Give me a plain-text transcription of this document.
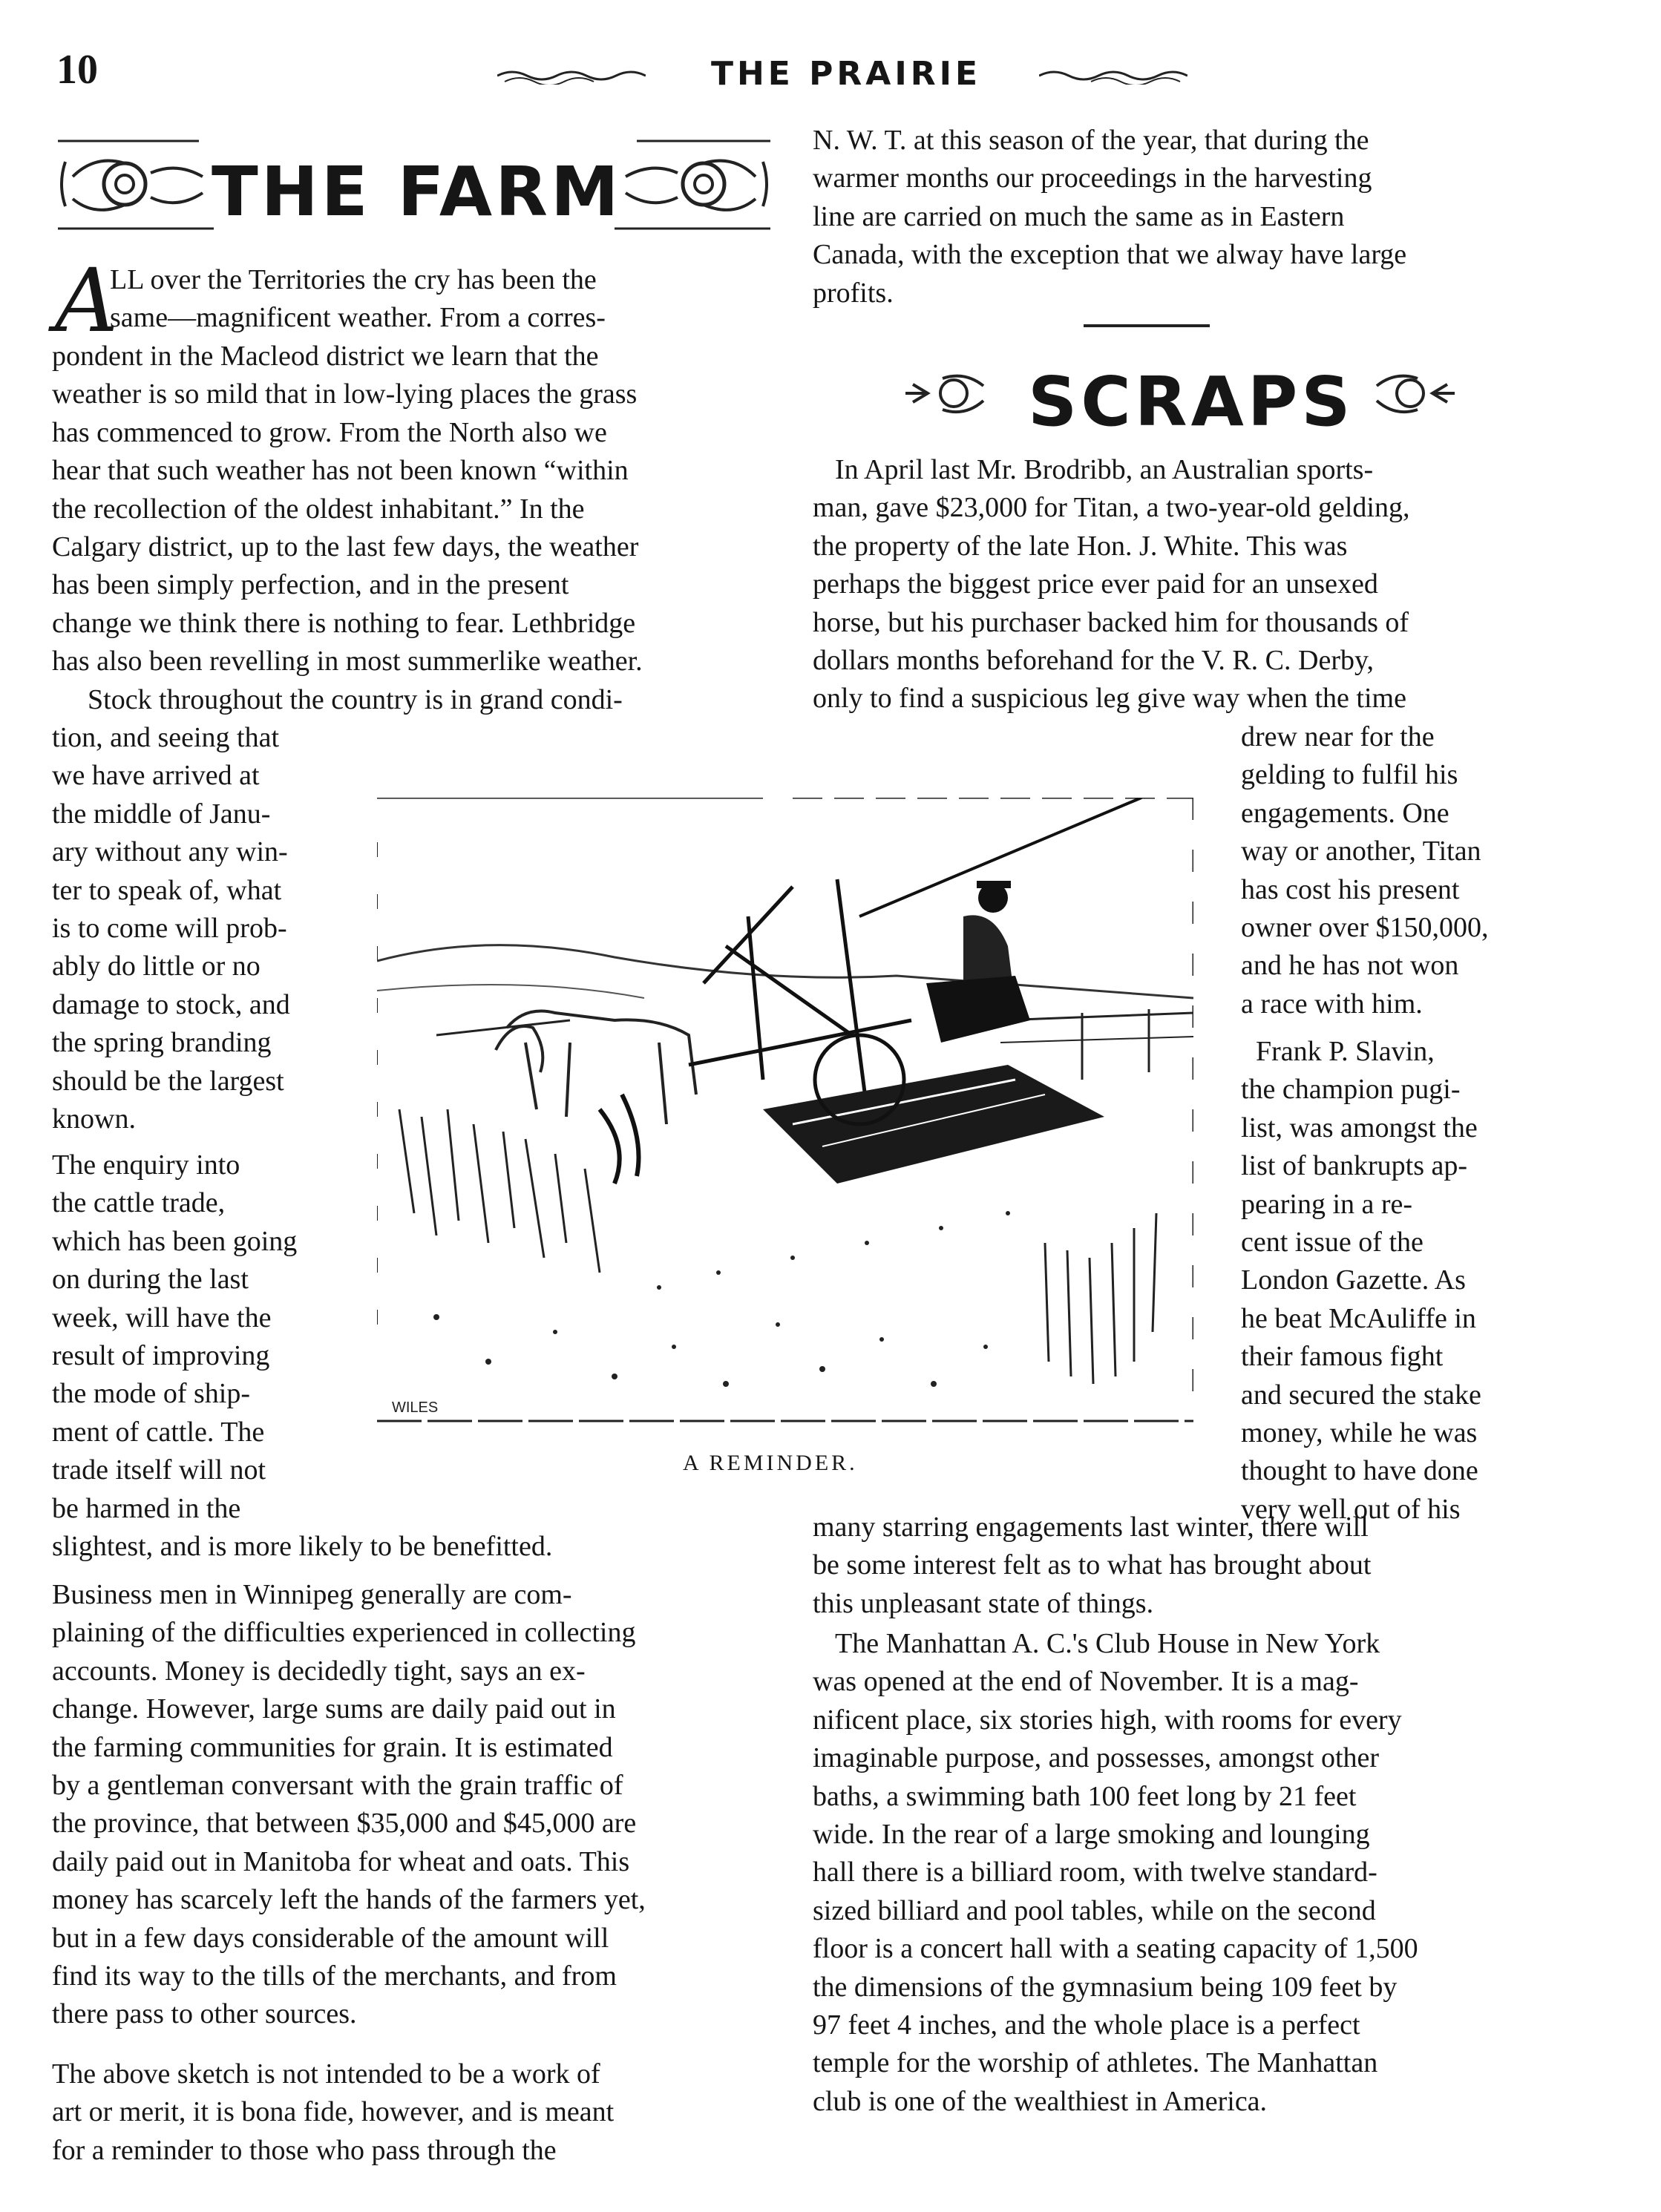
10	THE PRAIRIE
THE FARM
A
LL over the Territories the cry has been the
same—magnificent weather. From a corres-
pondent in the Macleod district we learn that the
weather is so mild that in low-lying places the grass
has commenced to grow. From the North also we
hear that such weather has not been known “within
the recollection of the oldest inhabitant.” In the
Calgary district, up to the last few days, the weather
has been simply perfection, and in the present
change we think there is nothing to fear. Lethbridge
has also been revelling in most summerlike weather.
Stock throughout the country is in grand condi-
tion, and seeing that
we have arrived at
the middle of Janu-
ary without any win-
ter to speak of, what
is to come will prob-
ably do little or no
damage to stock, and
the spring branding
should be the largest
known.
The enquiry into
the cattle trade,
which has been going
on during the last
week, will have the
result of improving
the mode of ship-
ment of cattle. The
trade itself will not
be harmed in the
slightest, and is more likely to be benefitted.
Business men in Winnipeg generally are com-
plaining of the difficulties experienced in collecting
accounts. Money is decidedly tight, says an ex-
change. However, large sums are daily paid out in
the farming communities for grain. It is estimated
by a gentleman conversant with the grain traffic of
the province, that between $35,000 and $45,000 are
daily paid out in Manitoba for wheat and oats. This
money has scarcely left the hands of the farmers yet,
but in a few days considerable of the amount will
find its way to the tills of the merchants, and from
there pass to other sources.
The above sketch is not intended to be a work of
art or merit, it is bona fide, however, and is meant
for a reminder to those who pass through the
N. W. T. at this season of the year, that during the
warmer months our proceedings in the harvesting
line are carried on much the same as in Eastern
Canada, with the exception that we alway have large
profits.
SCRAPS
In April last Mr. Brodribb, an Australian sports-
man, gave $23,000 for Titan, a two-year-old gelding,
the property of the late Hon. J. White. This was
perhaps the biggest price ever paid for an unsexed
horse, but his purchaser backed him for thousands of
dollars months beforehand for the V. R. C. Derby,
only to find a suspicious leg give way when the time
drew near for the
gelding to fulfil his
engagements. One
way or another, Titan
has cost his present
owner over $150,000,
and he has not won
a race with him.
Frank P. Slavin,
the champion pugi-
list, was amongst the
list of bankrupts ap-
pearing in a re-
cent issue of the
London Gazette. As
he beat McAuliffe in
their famous fight
and secured the stake
money, while he was
thought to have done
very well out of his
many starring engagements last winter, there will
be some interest felt as to what has brought about
this unpleasant state of things.
The Manhattan A. C.'s Club House in New York
was opened at the end of November. It is a mag-
nificent place, six stories high, with rooms for every
imaginable purpose, and possesses, amongst other
baths, a swimming bath 100 feet long by 21 feet
wide. In the rear of a large smoking and lounging
hall there is a billiard room, with twelve standard-
sized billiard and pool tables, while on the second
floor is a concert hall with a seating capacity of 1,500
the dimensions of the gymnasium being 109 feet by
97 feet 4 inches, and the whole place is a perfect
temple for the worship of athletes. The Manhattan
club is one of the wealthiest in America.
WILES
A REMINDER.
